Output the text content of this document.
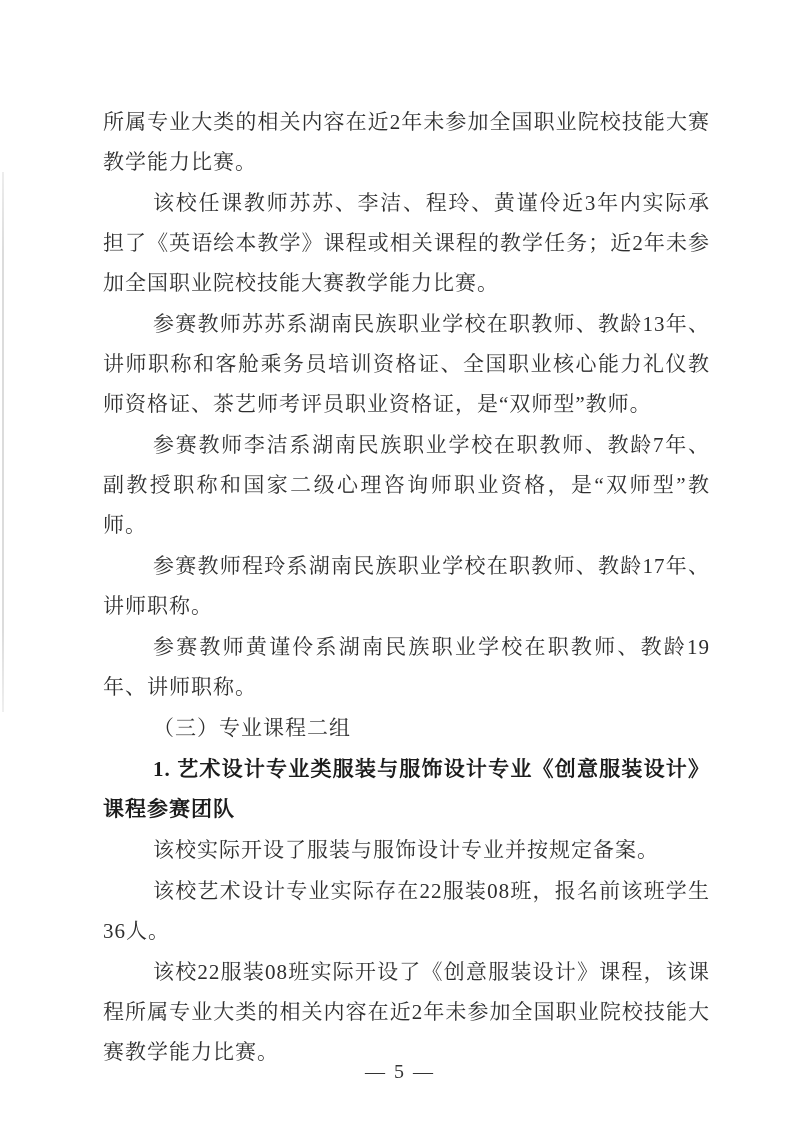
所属专业大类的相关内容在近2年未参加全国职业院校技能大赛教学能力比赛。

该校任课教师苏苏、李洁、程玲、黄谨伶近3年内实际承担了《英语绘本教学》课程或相关课程的教学任务；近2年未参加全国职业院校技能大赛教学能力比赛。

参赛教师苏苏系湖南民族职业学校在职教师、教龄13年、讲师职称和客舱乘务员培训资格证、全国职业核心能力礼仪教师资格证、茶艺师考评员职业资格证，是“双师型”教师。

参赛教师李洁系湖南民族职业学校在职教师、教龄7年、副教授职称和国家二级心理咨询师职业资格，是“双师型”教师。

参赛教师程玲系湖南民族职业学校在职教师、教龄17年、讲师职称。

参赛教师黄谨伶系湖南民族职业学校在职教师、教龄19年、讲师职称。

（三）专业课程二组

1. 艺术设计专业类服装与服饰设计专业《创意服装设计》课程参赛团队

该校实际开设了服装与服饰设计专业并按规定备案。

该校艺术设计专业实际存在22服装08班，报名前该班学生36人。

该校22服装08班实际开设了《创意服装设计》课程，该课程所属专业大类的相关内容在近2年未参加全国职业院校技能大赛教学能力比赛。

— 5 —
